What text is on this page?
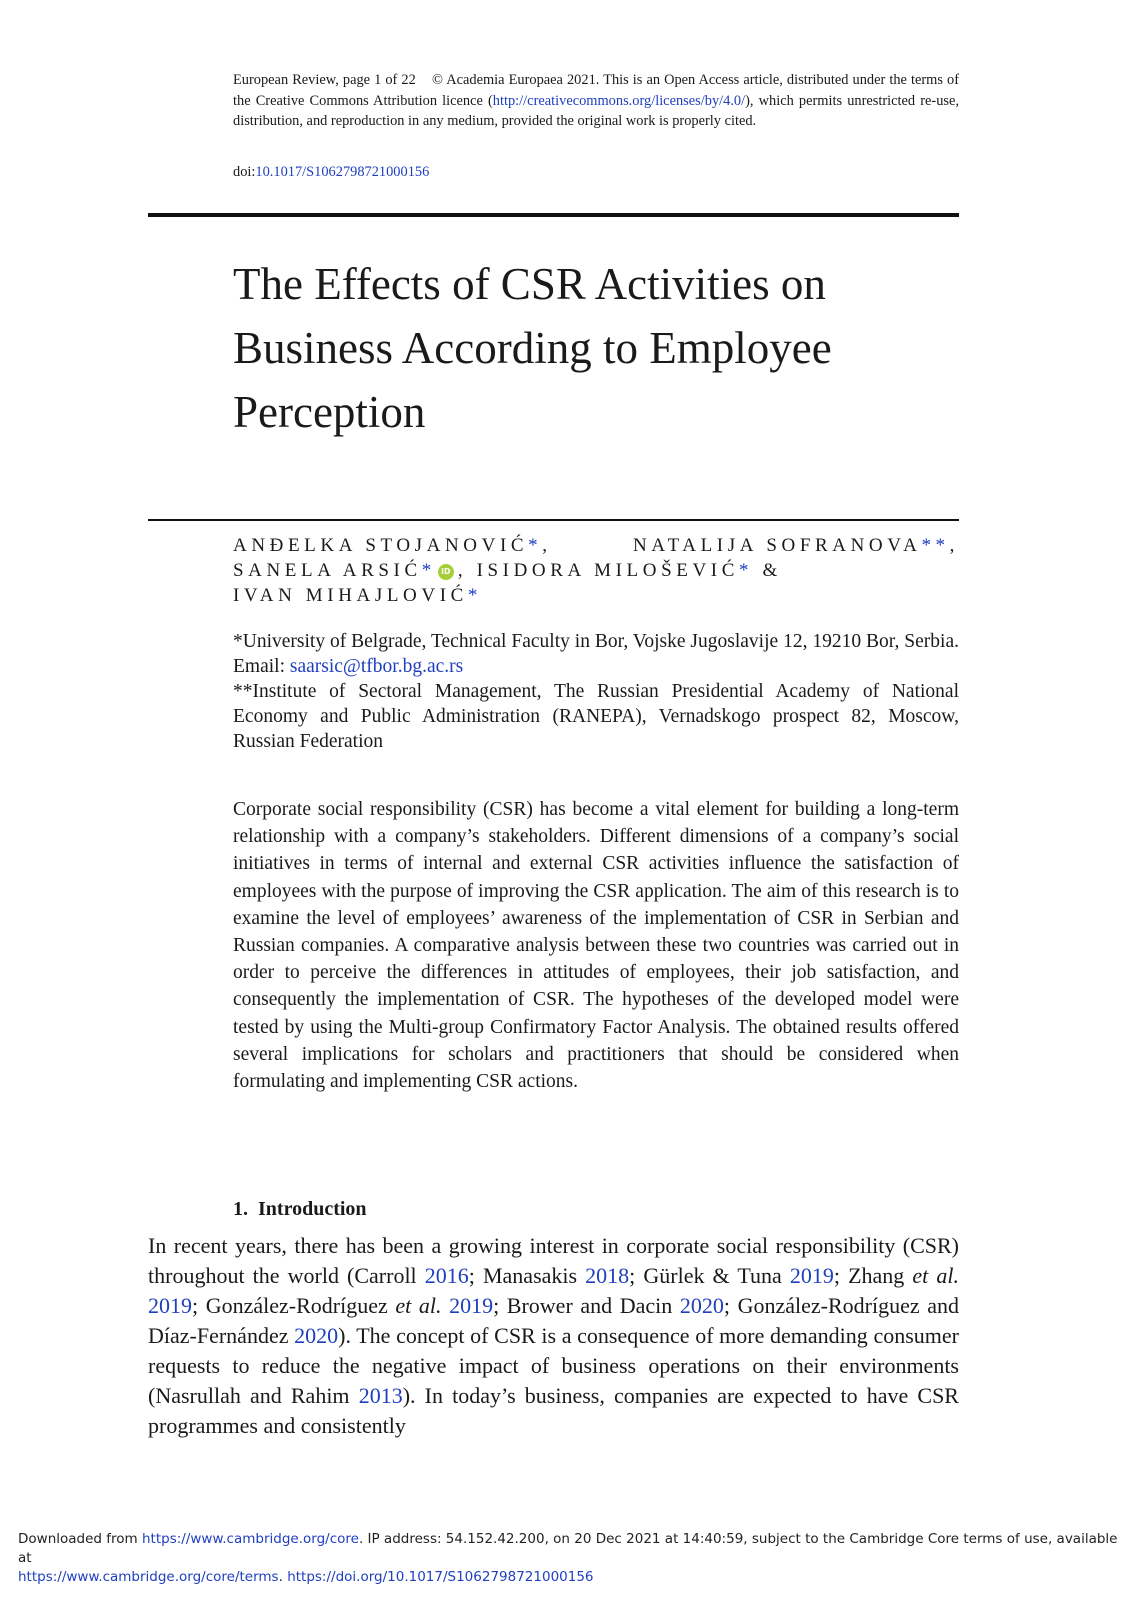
European Review, page 1 of 22 © Academia Europaea 2021. This is an Open Access article, distributed under the terms of the Creative Commons Attribution licence (http://creativecommons.org/licenses/by/4.0/), which permits unrestricted re-use, distribution, and reproduction in any medium, provided the original work is properly cited.
doi:10.1017/S1062798721000156
The Effects of CSR Activities on Business According to Employee Perception
ANĐELKA STOJANOVIĆ*,	NATALIJA SOFRANOVA**,
SANELA ARSIĆ* iD , ISIDORA MILOŠEVIĆ* &
IVAN MIHAJLOVIĆ*

*University of Belgrade, Technical Faculty in Bor, Vojske Jugoslavije 12, 19210 Bor, Serbia. Email: saarsic@tfbor.bg.ac.rs

**Institute of Sectoral Management, The Russian Presidential Academy of National Economy and Public Administration (RANEPA), Vernadskogo prospect 82, Moscow, Russian Federation

Corporate social responsibility (CSR) has become a vital element for building a long-term relationship with a company’s stakeholders. Different dimensions of a company’s social initiatives in terms of internal and external CSR activities influence the satisfaction of employees with the purpose of improving the CSR application. The aim of this research is to examine the level of employees’ awareness of the implementation of CSR in Serbian and Russian companies. A comparative analysis between these two countries was carried out in order to perceive the differences in attitudes of employees, their job satisfaction, and consequently the implementation of CSR. The hypotheses of the developed model were tested by using the Multi-group Confirmatory Factor Analysis. The obtained results offered several implications for scholars and practitioners that should be considered when formulating and implementing CSR actions.

1. Introduction

In recent years, there has been a growing interest in corporate social responsibility (CSR) throughout the world (Carroll 2016; Manasakis 2018; Gürlek & Tuna 2019; Zhang et al. 2019; González-Rodríguez et al. 2019; Brower and Dacin 2020; González-Rodríguez and Díaz-Fernández 2020). The concept of CSR is a consequence of more demanding consumer requests to reduce the negative impact of business operations on their environments (Nasrullah and Rahim 2013). In today’s business, companies are expected to have CSR programmes and consistently

Downloaded from https://www.cambridge.org/core. IP address: 54.152.42.200, on 20 Dec 2021 at 14:40:59, subject to the Cambridge Core terms of use, available at
https://www.cambridge.org/core/terms. https://doi.org/10.1017/S1062798721000156
